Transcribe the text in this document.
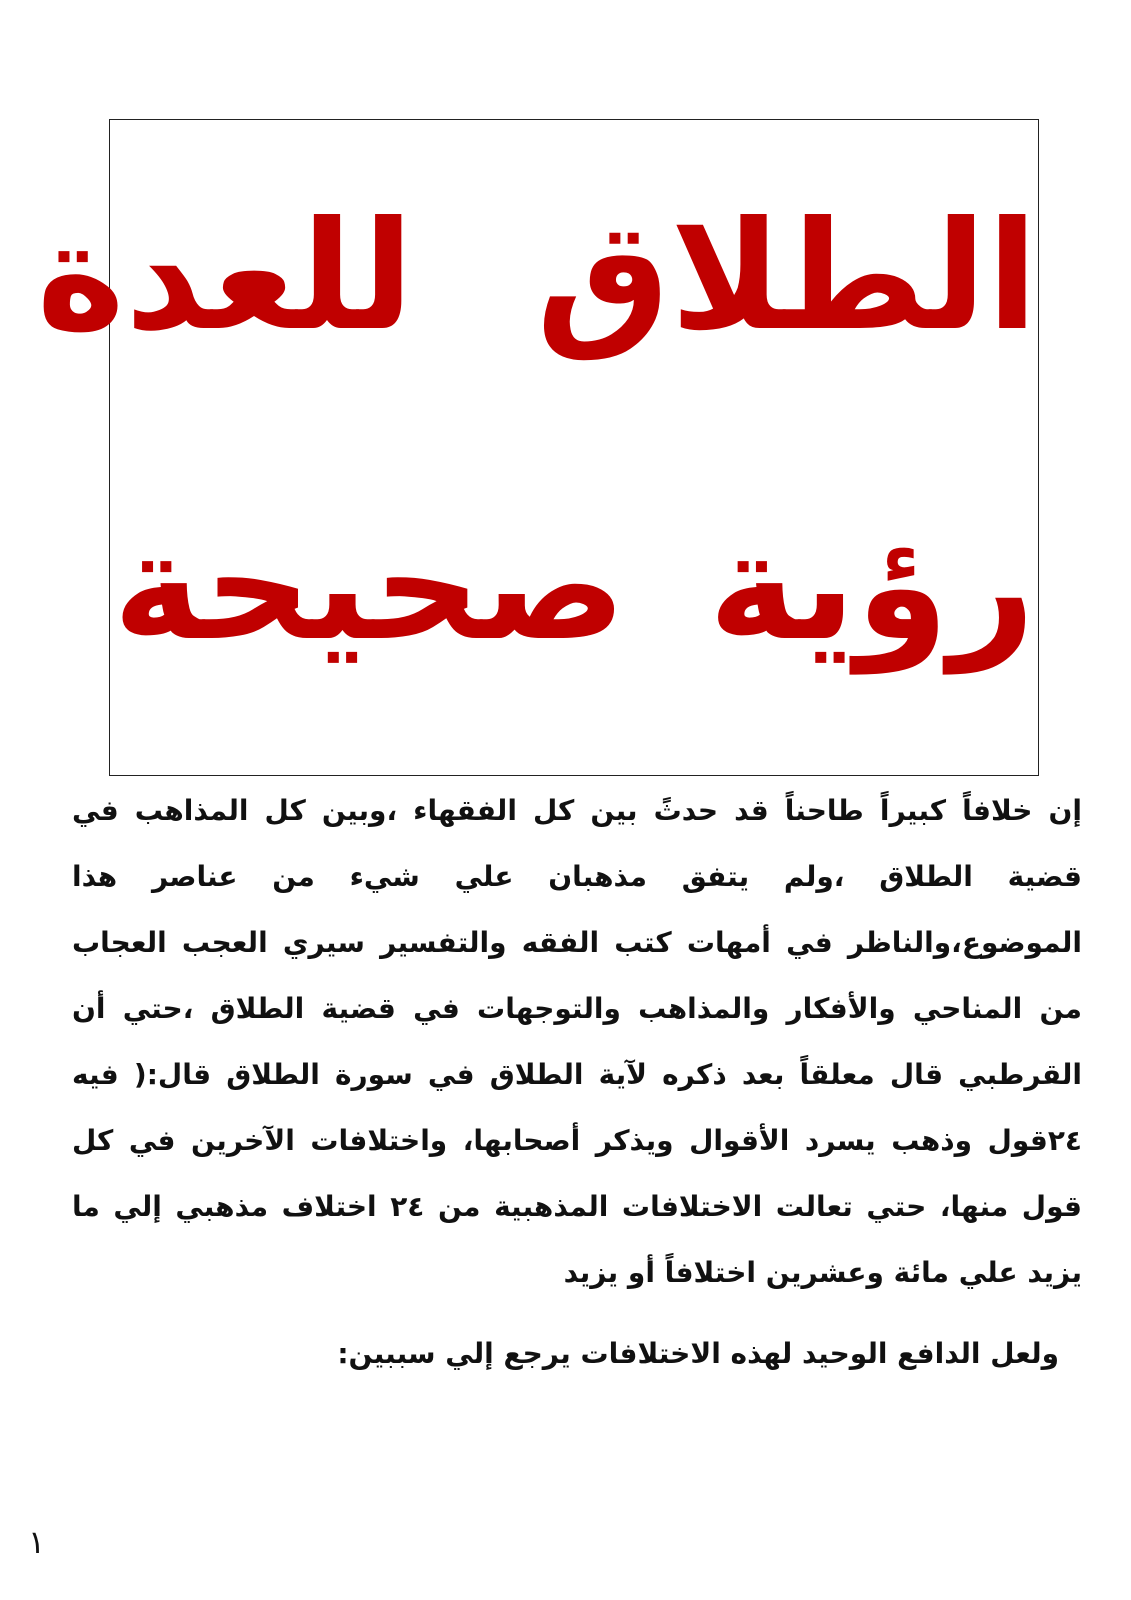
الطلاق للعدة
رؤية صحيحة

إن خلافاً كبيراً طاحناً قد حدثً بين كل الفقهاء ،وبين كل المذاهب في قضية الطلاق ،ولم يتفق مذهبان علي شيء من عناصر هذا الموضوع،والناظر في أمهات كتب الفقه والتفسير سيري العجب العجاب من المناحي والأفكار والمذاهب والتوجهات في قضية الطلاق ،حتي أن القرطبي قال معلقاً بعد ذكره لآية الطلاق في سورة الطلاق قال:( فيه ٢٤قول وذهب يسرد الأقوال ويذكر أصحابها، واختلافات الآخرين في كل قول منها، حتي تعالت الاختلافات المذهبية من ٢٤ اختلاف مذهبي إلي ما يزيد علي مائة وعشرين اختلافاً أو يزيد

ولعل الدافع الوحيد لهذه الاختلافات يرجع إلي سببين:

١
